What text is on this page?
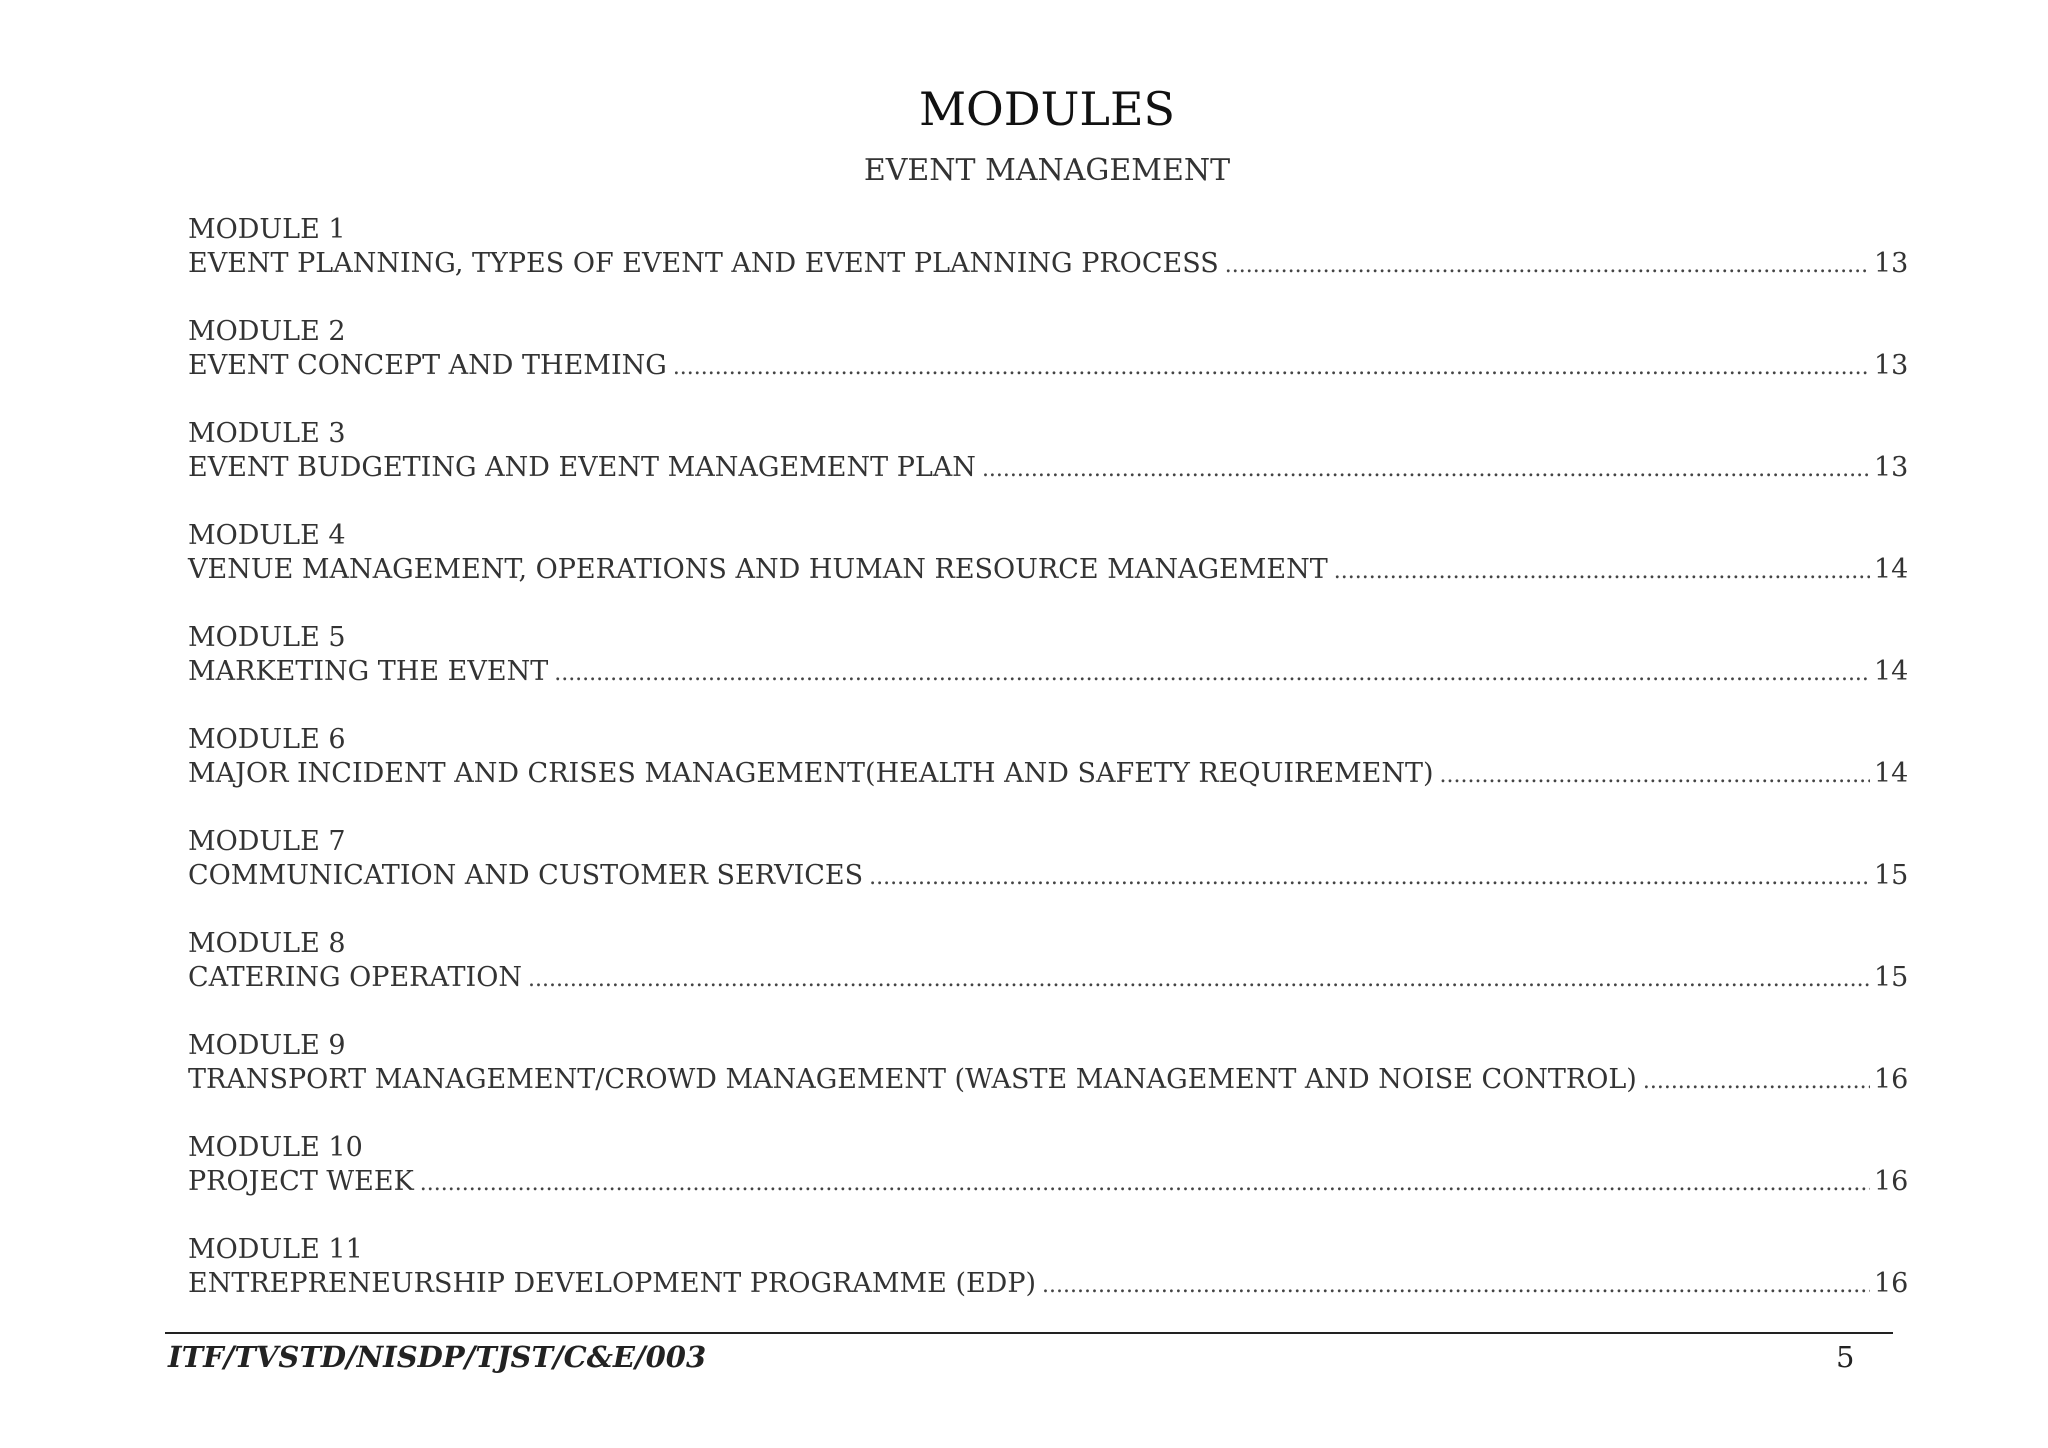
MODULES
EVENT MANAGEMENT
MODULE 1
EVENT PLANNING, TYPES OF EVENT AND EVENT PLANNING PROCESS .....	13
MODULE 2
EVENT CONCEPT AND THEMING .....	13
MODULE 3
EVENT BUDGETING AND EVENT MANAGEMENT PLAN .....	13
MODULE 4
VENUE MANAGEMENT, OPERATIONS AND HUMAN RESOURCE MANAGEMENT .....	14
MODULE 5
MARKETING THE EVENT .....	14
MODULE 6
MAJOR INCIDENT AND CRISES MANAGEMENT(HEALTH AND SAFETY REQUIREMENT) .....	14
MODULE 7
COMMUNICATION AND CUSTOMER SERVICES .....	15
MODULE 8
CATERING OPERATION .....	15
MODULE 9
TRANSPORT MANAGEMENT/CROWD MANAGEMENT (WASTE MANAGEMENT AND NOISE CONTROL) .....	16
MODULE 10
PROJECT WEEK .....	16
MODULE 11
ENTREPRENEURSHIP DEVELOPMENT PROGRAMME (EDP) .....	16
ITF/TVSTD/NISDP/TJST/C&E/003	5
